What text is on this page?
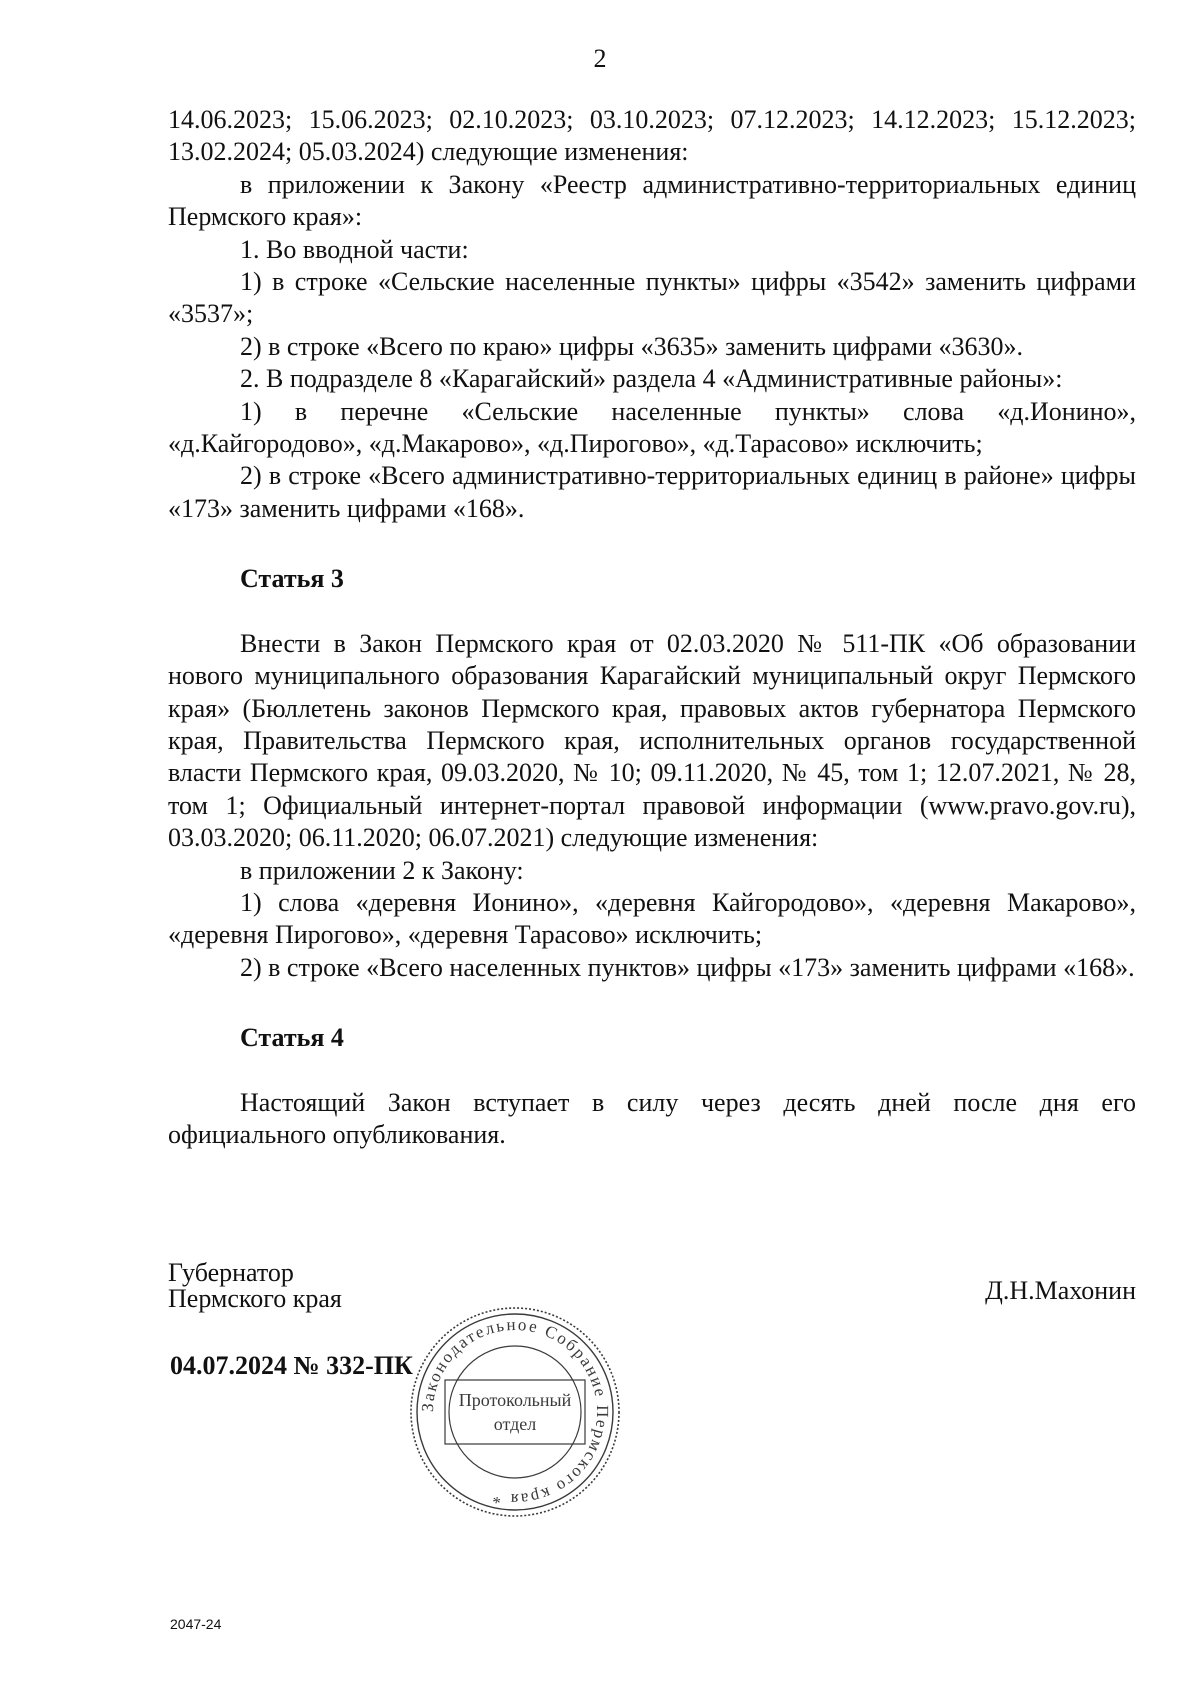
2

14.06.2023; 15.06.2023; 02.10.2023; 03.10.2023; 07.12.2023; 14.12.2023; 15.12.2023; 13.02.2024; 05.03.2024) следующие изменения:

в приложении к Закону «Реестр административно-территориальных единиц Пермского края»:

1. Во вводной части:

1) в строке «Сельские населенные пункты» цифры «3542» заменить цифрами «3537»;

2) в строке «Всего по краю» цифры «3635» заменить цифрами «3630».

2. В подразделе 8 «Карагайский» раздела 4 «Административные районы»:

1) в перечне «Сельские населенные пункты» слова «д.Ионино», «д.Кайгородово», «д.Макарово», «д.Пирогово», «д.Тарасово» исключить;

2) в строке «Всего административно-территориальных единиц в районе» цифры «173» заменить цифрами «168».

Статья 3

Внести в Закон Пермского края от 02.03.2020 № 511-ПК «Об образовании нового муниципального образования Карагайский муниципальный округ Пермского края» (Бюллетень законов Пермского края, правовых актов губернатора Пермского края, Правительства Пермского края, исполнительных органов государственной власти Пермского края, 09.03.2020, № 10; 09.11.2020, № 45, том 1; 12.07.2021, № 28, том 1; Официальный интернет-портал правовой информации (www.pravo.gov.ru), 03.03.2020; 06.11.2020; 06.07.2021) следующие изменения:

в приложении 2 к Закону:

1) слова «деревня Ионино», «деревня Кайгородово», «деревня Макарово», «деревня Пирогово», «деревня Тарасово» исключить;

2) в строке «Всего населенных пунктов» цифры «173» заменить цифрами «168».

Статья 4

Настоящий Закон вступает в силу через десять дней после дня его официального опубликования.

Губернатор
Пермского края	Д.Н.Махонин
04.07.2024 № 332-ПК
Законодательное Собрание Пермского края *
Протокольный
отдел
2047-24
